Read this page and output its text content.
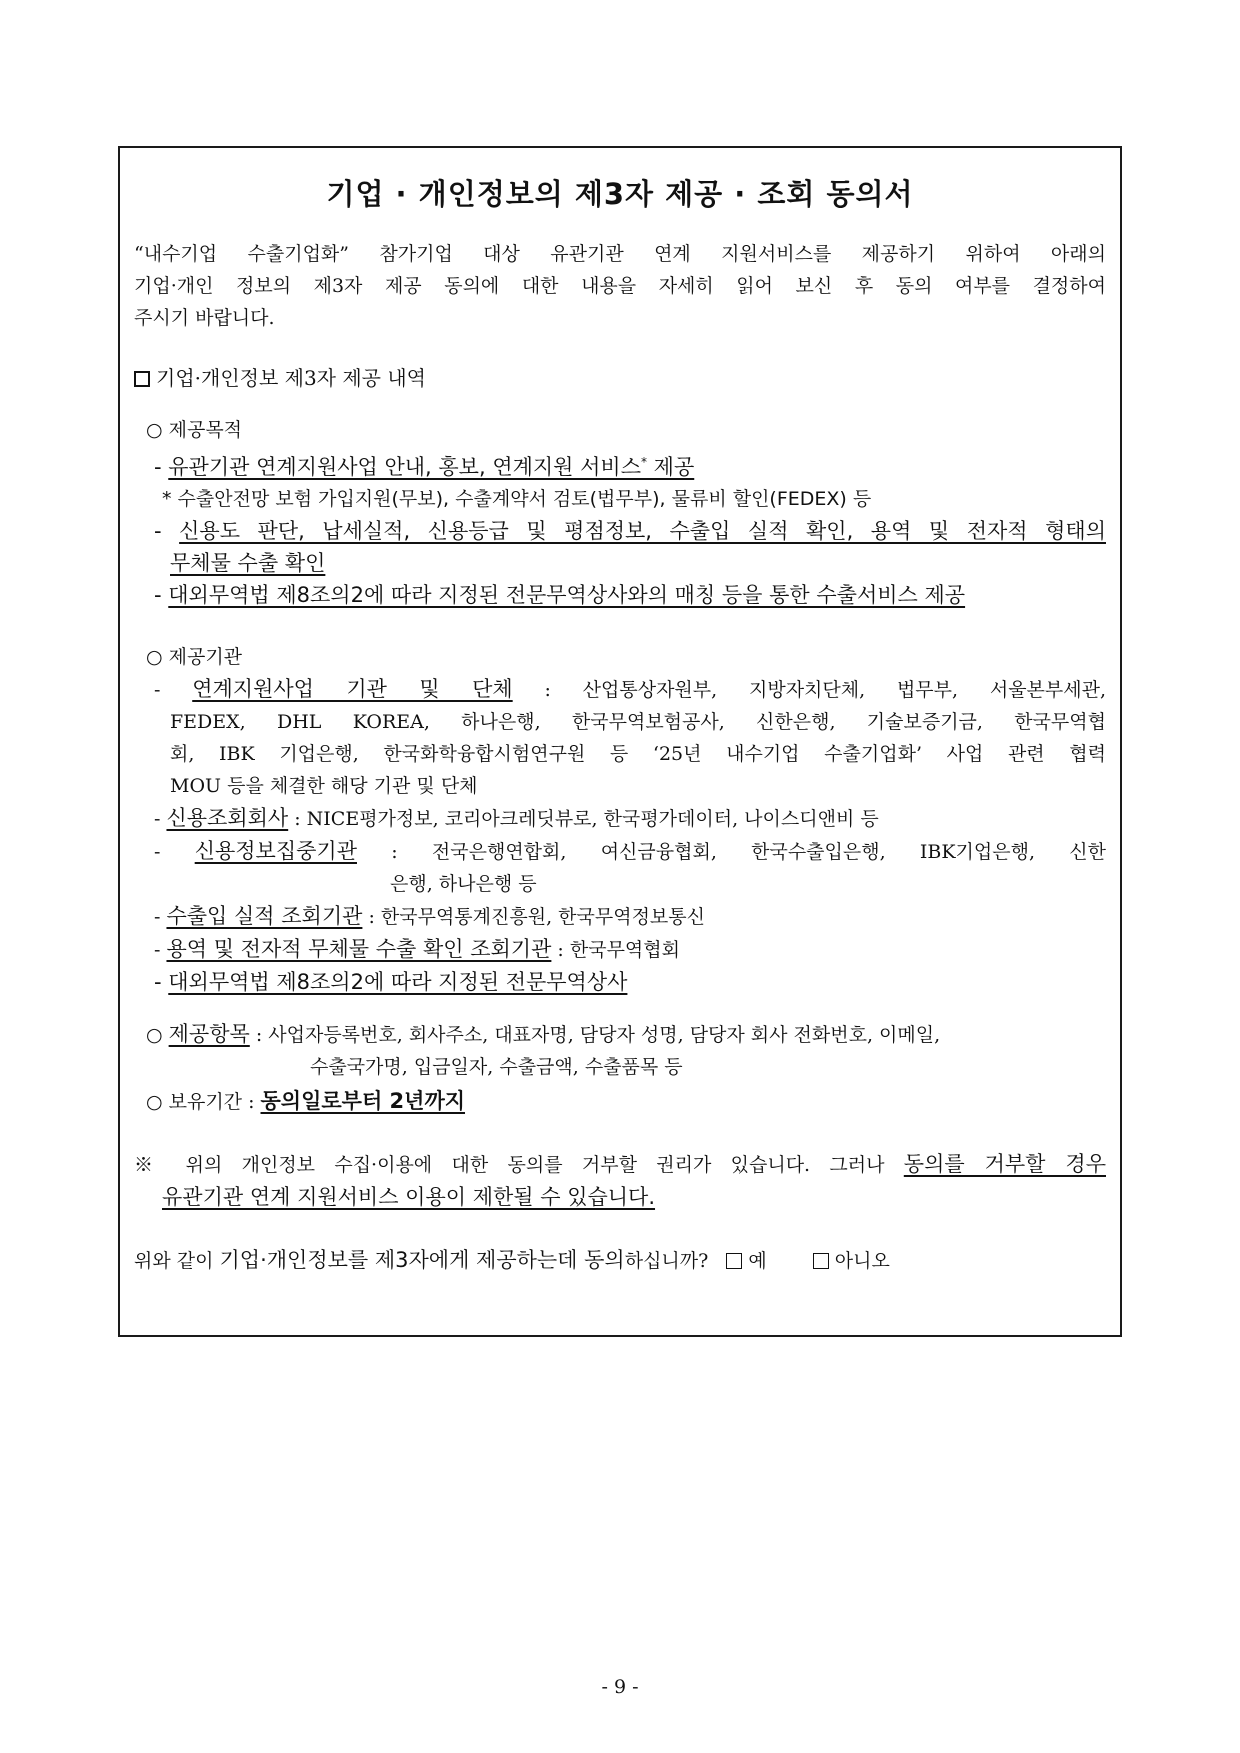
기업 · 개인정보의 제3자 제공 · 조회 동의서
“내수기업 수출기업화” 참가기업 대상 유관기관 연계 지원서비스를 제공하기 위하여 아래의
기업·개인 정보의 제3자 제공 동의에 대한 내용을 자세히 읽어 보신 후 동의 여부를 결정하여
주시기 바랍니다.
기업·개인정보 제3자 제공 내역
○ 제공목적
- 유관기관 연계지원사업 안내, 홍보, 연계지원 서비스* 제공
* 수출안전망 보험 가입지원(무보), 수출계약서 검토(법무부), 물류비 할인(FEDEX) 등
- 신용도 판단, 납세실적, 신용등급 및 평점정보, 수출입 실적 확인, 용역 및 전자적 형태의
무체물 수출 확인
- 대외무역법 제8조의2에 따라 지정된 전문무역상사와의 매칭 등을 통한 수출서비스 제공
○ 제공기관
- 연계지원사업 기관 및 단체 : 산업통상자원부, 지방자치단체, 법무부, 서울본부세관,
FEDEX, DHL KOREA, 하나은행, 한국무역보험공사, 신한은행, 기술보증기금, 한국무역협
회, IBK 기업은행, 한국화학융합시험연구원 등 ‘25년 내수기업 수출기업화’ 사업 관련 협력
MOU 등을 체결한 해당 기관 및 단체
- 신용조회회사 : NICE평가정보, 코리아크레딧뷰로, 한국평가데이터, 나이스디앤비 등
- 신용정보집중기관 : 전국은행연합회, 여신금융협회, 한국수출입은행, IBK기업은행, 신한
은행, 하나은행 등
- 수출입 실적 조회기관 : 한국무역통계진흥원, 한국무역정보통신
- 용역 및 전자적 무체물 수출 확인 조회기관 : 한국무역협회
- 대외무역법 제8조의2에 따라 지정된 전문무역상사
○ 제공항목 : 사업자등록번호, 회사주소, 대표자명, 담당자 성명, 담당자 회사 전화번호, 이메일,
수출국가명, 입금일자, 수출금액, 수출품목 등
○ 보유기간 : 동의일로부터 2년까지
※ 위의 개인정보 수집·이용에 대한 동의를 거부할 권리가 있습니다. 그러나 동의를 거부할 경우
유관기관 연계 지원서비스 이용이 제한될 수 있습니다.
위와 같이 기업·개인정보를 제3자에게 제공하는데 동의하십니까? 예	아니오
- 9 -
